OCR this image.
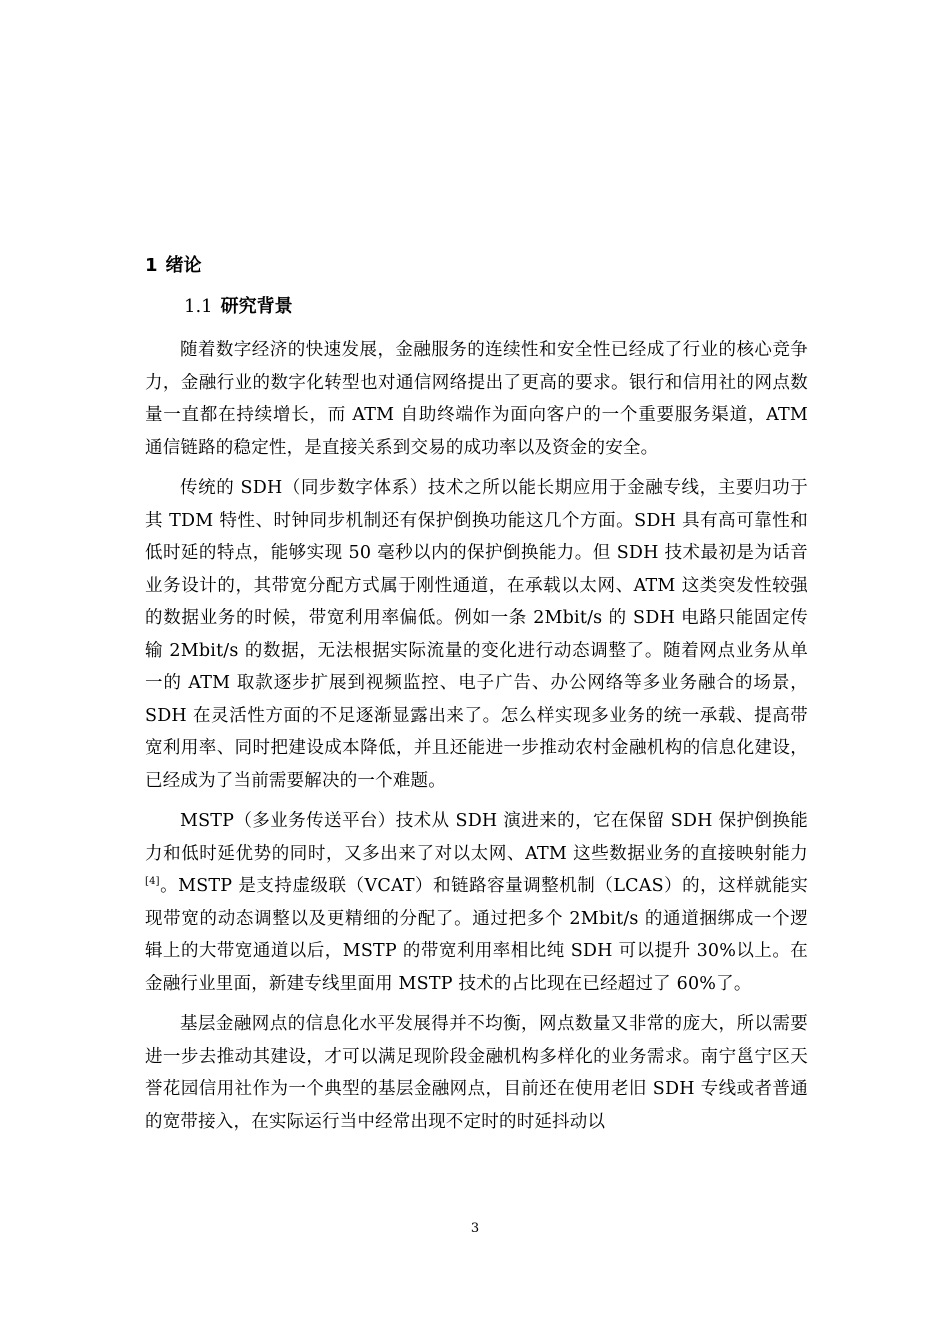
1 绪论
1.1 研究背景

随着数字经济的快速发展，金融服务的连续性和安全性已经成了行业的核心竞争力，金融行业的数字化转型也对通信网络提出了更高的要求。银行和信用社的网点数量一直都在持续增长，而 ATM 自助终端作为面向客户的一个重要服务渠道，ATM 通信链路的稳定性，是直接关系到交易的成功率以及资金的安全。

传统的 SDH（同步数字体系）技术之所以能长期应用于金融专线，主要归功于其 TDM 特性、时钟同步机制还有保护倒换功能这几个方面。SDH 具有高可靠性和低时延的特点，能够实现 50 毫秒以内的保护倒换能力。但 SDH 技术最初是为话音业务设计的，其带宽分配方式属于刚性通道，在承载以太网、ATM 这类突发性较强的数据业务的时候，带宽利用率偏低。例如一条 2Mbit/s 的 SDH 电路只能固定传输 2Mbit/s 的数据，无法根据实际流量的变化进行动态调整了。随着网点业务从单一的 ATM 取款逐步扩展到视频监控、电子广告、办公网络等多业务融合的场景，SDH 在灵活性方面的不足逐渐显露出来了。怎么样实现多业务的统一承载、提高带宽利用率、同时把建设成本降低，并且还能进一步推动农村金融机构的信息化建设，已经成为了当前需要解决的一个难题。

MSTP（多业务传送平台）技术从 SDH 演进来的，它在保留 SDH 保护倒换能力和低时延优势的同时，又多出来了对以太网、ATM 这些数据业务的直接映射能力[4]。MSTP 是支持虚级联（VCAT）和链路容量调整机制（LCAS）的，这样就能实现带宽的动态调整以及更精细的分配了。通过把多个 2Mbit/s 的通道捆绑成一个逻辑上的大带宽通道以后，MSTP 的带宽利用率相比纯 SDH 可以提升 30%以上。在金融行业里面，新建专线里面用 MSTP 技术的占比现在已经超过了 60%了。

基层金融网点的信息化水平发展得并不均衡，网点数量又非常的庞大，所以需要进一步去推动其建设，才可以满足现阶段金融机构多样化的业务需求。南宁邕宁区天誉花园信用社作为一个典型的基层金融网点，目前还在使用老旧 SDH 专线或者普通的宽带接入，在实际运行当中经常出现不定时的时延抖动以

3
